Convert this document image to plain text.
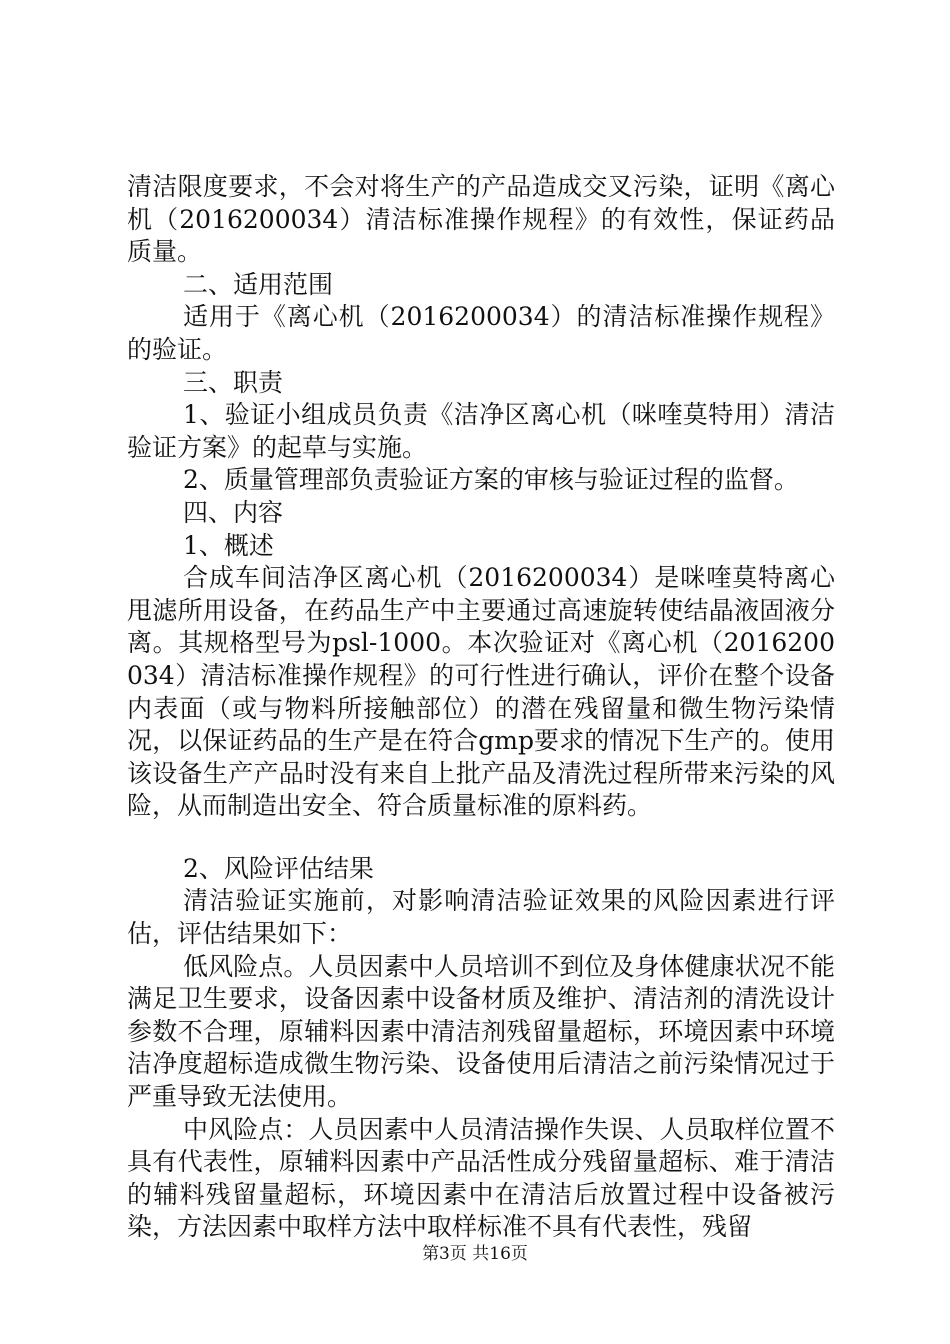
清洁限度要求，不会对将生产的产品造成交叉污染，证明《离心机（2016200034）清洁标准操作规程》的有效性，保证药品质量。

二、适用范围

适用于《离心机（2016200034）的清洁标准操作规程》的验证。

三、职责

1、验证小组成员负责《洁净区离心机（咪喹莫特用）清洁验证方案》的起草与实施。

2、质量管理部负责验证方案的审核与验证过程的监督。

四、内容

1、概述

合成车间洁净区离心机（2016200034）是咪喹莫特离心甩滤所用设备，在药品生产中主要通过高速旋转使结晶液固液分离。其规格型号为psl-1000。本次验证对《离心机（2016200034）清洁标准操作规程》的可行性进行确认，评价在整个设备内表面（或与物料所接触部位）的潜在残留量和微生物污染情况，以保证药品的生产是在符合gmp要求的情况下生产的。使用该设备生产产品时没有来自上批产品及清洗过程所带来污染的风险，从而制造出安全、符合质量标准的原料药。

2、风险评估结果

清洁验证实施前，对影响清洁验证效果的风险因素进行评估，评估结果如下：

低风险点。人员因素中人员培训不到位及身体健康状况不能满足卫生要求，设备因素中设备材质及维护、清洁剂的清洗设计参数不合理，原辅料因素中清洁剂残留量超标，环境因素中环境洁净度超标造成微生物污染、设备使用后清洁之前污染情况过于严重导致无法使用。

中风险点：人员因素中人员清洁操作失误、人员取样位置不具有代表性，原辅料因素中产品活性成分残留量超标、难于清洁的辅料残留量超标，环境因素中在清洁后放置过程中设备被污染，方法因素中取样方法中取样标准不具有代表性，残留

第3页 共16页
